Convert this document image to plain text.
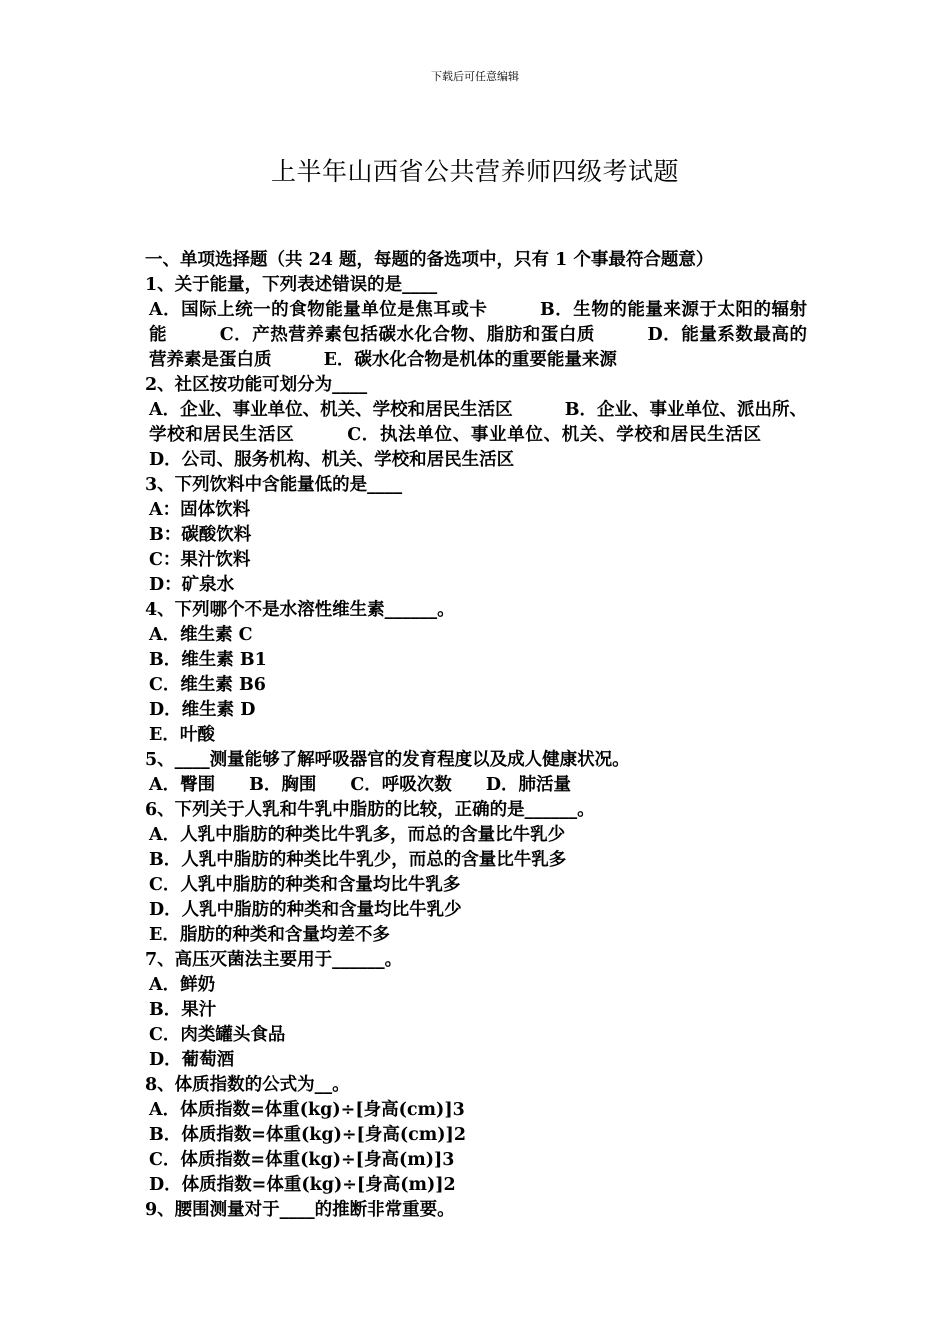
下载后可任意编辑
上半年山西省公共营养师四级考试题

一、单项选择题（共 24 题，每题的备选项中，只有 1 个事最符合题意）

1、关于能量，下列表述错误的是____

A．国际上统一的食物能量单位是焦耳或卡	B．生物的能量来源于太阳的辐射能	C．产热营养素包括碳水化合物、脂肪和蛋白质	D．能量系数最高的营养素是蛋白质	E．碳水化合物是机体的重要能量来源

2、社区按功能可划分为____

A．企业、事业单位、机关、学校和居民生活区	B．企业、事业单位、派出所、学校和居民生活区	C．执法单位、事业单位、机关、学校和居民生活区 D．公司、服务机构、机关、学校和居民生活区

3、下列饮料中含能量低的是____

A：固体饮料

B：碳酸饮料

C：果汁饮料

D：矿泉水

4、下列哪个不是水溶性维生素______。

A．维生素 C

B．维生素 B1

C．维生素 B6

D．维生素 D

E．叶酸

5、____测量能够了解呼吸器官的发育程度以及成人健康状况。

A．臀围 B．胸围 C．呼吸次数 D．肺活量

6、下列关于人乳和牛乳中脂肪的比较，正确的是______。

A．人乳中脂肪的种类比牛乳多，而总的含量比牛乳少

B．人乳中脂肪的种类比牛乳少，而总的含量比牛乳多

C．人乳中脂肪的种类和含量均比牛乳多

D．人乳中脂肪的种类和含量均比牛乳少

E．脂肪的种类和含量均差不多

7、高压灭菌法主要用于______。

A．鲜奶

B．果汁

C．肉类罐头食品

D．葡萄酒

8、体质指数的公式为__。

A．体质指数=体重(kg)÷[身高(cm)]3

B．体质指数=体重(kg)÷[身高(cm)]2

C．体质指数=体重(kg)÷[身高(m)]3

D．体质指数=体重(kg)÷[身高(m)]2

9、腰围测量对于____的推断非常重要。
